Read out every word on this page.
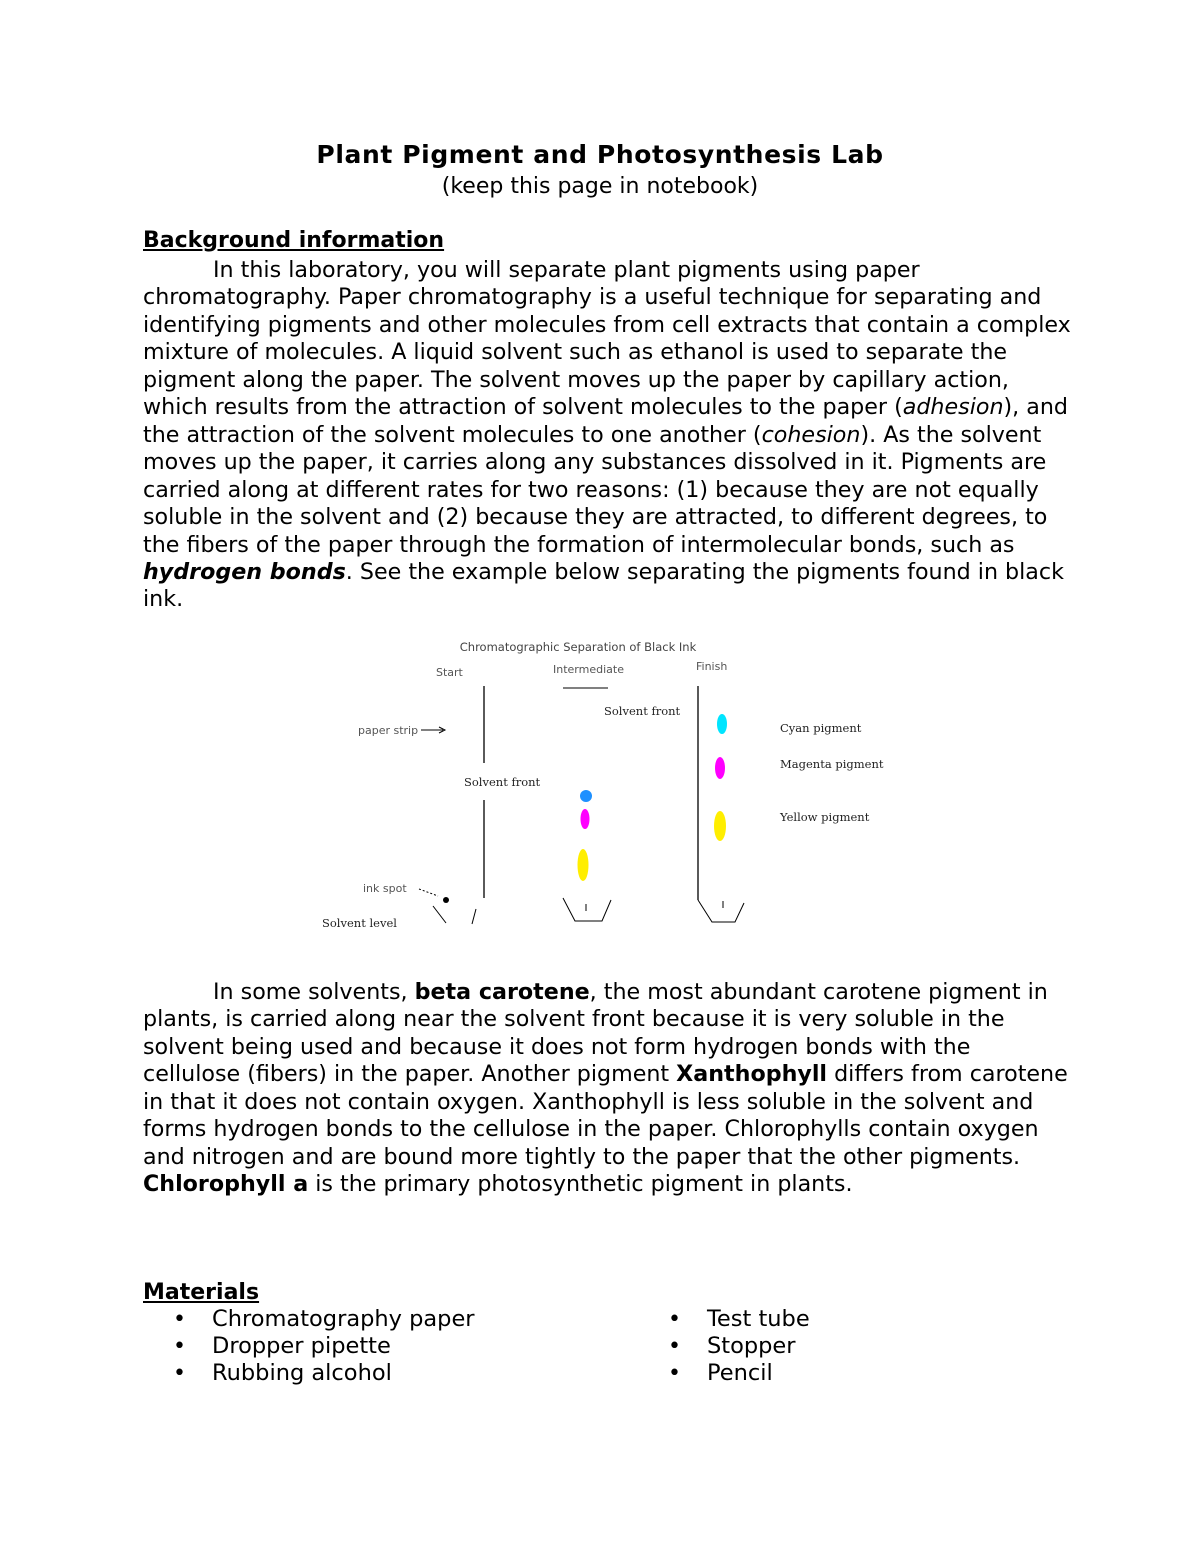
Plant Pigment and Photosynthesis Lab

(keep this page in notebook)

Background information

In this laboratory, you will separate plant pigments using paper chromatography. Paper chromatography is a useful technique for separating and identifying pigments and other molecules from cell extracts that contain a complex mixture of molecules. A liquid solvent such as ethanol is used to separate the pigment along the paper. The solvent moves up the paper by capillary action, which results from the attraction of solvent molecules to the paper (adhesion), and the attraction of the solvent molecules to one another (cohesion). As the solvent moves up the paper, it carries along any substances dissolved in it. Pigments are carried along at different rates for two reasons: (1) because they are not equally soluble in the solvent and (2) because they are attracted, to different degrees, to the fibers of the paper through the formation of intermolecular bonds, such as hydrogen bonds. See the example below separating the pigments found in black ink.

Chromatographic Separation of Black Ink
Start	Intermediate	Finish
paper strip
Solvent front
ink spot
Solvent level
Solvent front
Cyan pigment
Magenta pigment
Yellow pigment

In some solvents, beta carotene, the most abundant carotene pigment in plants, is carried along near the solvent front because it is very soluble in the solvent being used and because it does not form hydrogen bonds with the cellulose (fibers) in the paper. Another pigment Xanthophyll differs from carotene in that it does not contain oxygen. Xanthophyll is less soluble in the solvent and forms hydrogen bonds to the cellulose in the paper. Chlorophylls contain oxygen and nitrogen and are bound more tightly to the paper that the other pigments. Chlorophyll a is the primary photosynthetic pigment in plants.

Materials
• Chromatography paper
• Dropper pipette
• Rubbing alcohol
• Test tube
• Stopper
• Pencil
